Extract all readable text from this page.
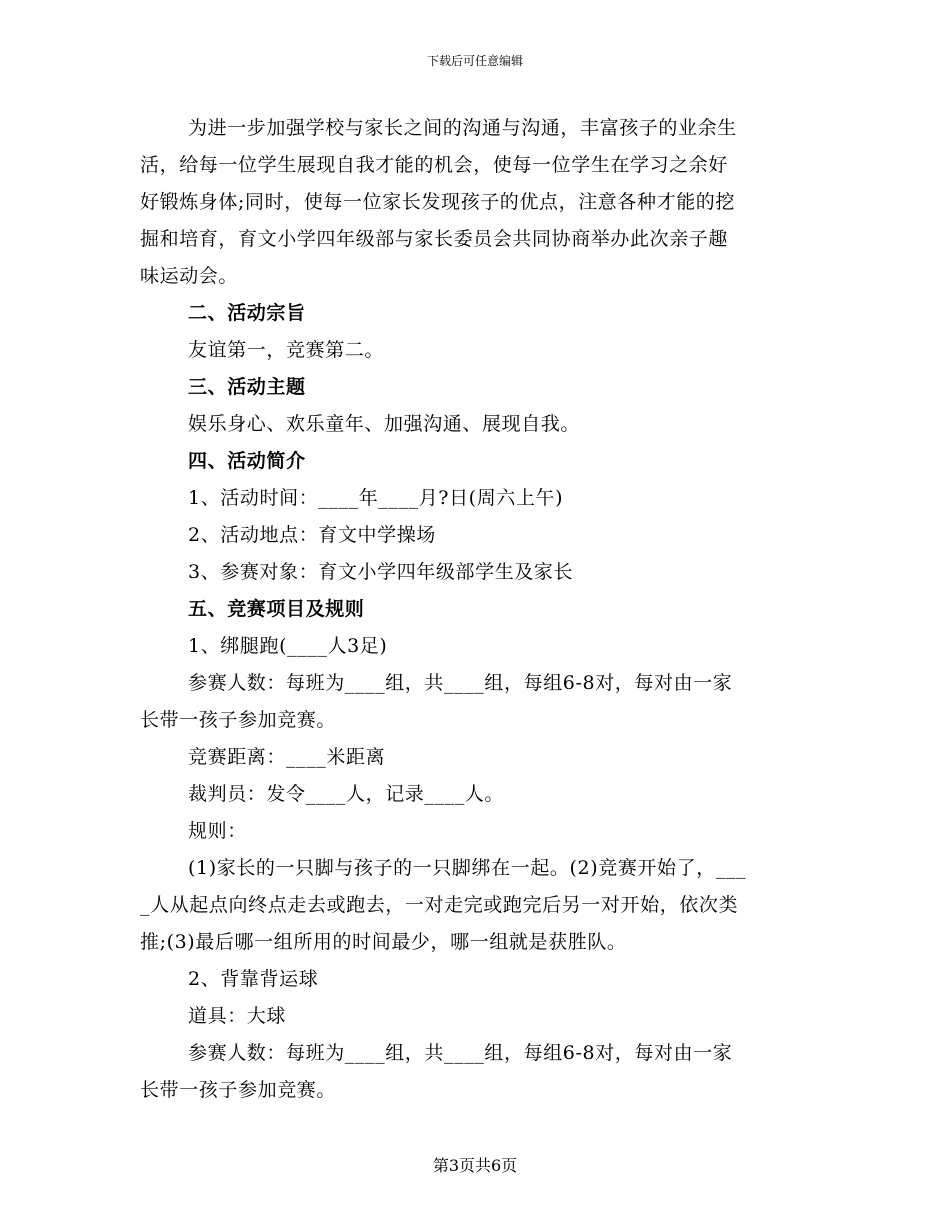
下载后可任意编辑

为进一步加强学校与家长之间的沟通与沟通，丰富孩子的业余生

活，给每一位学生展现自我才能的机会，使每一位学生在学习之余好

好锻炼身体;同时，使每一位家长发现孩子的优点，注意各种才能的挖

掘和培育，育文小学四年级部与家长委员会共同协商举办此次亲子趣

味运动会。

二、活动宗旨

友谊第一，竞赛第二。

三、活动主题

娱乐身心、欢乐童年、加强沟通、展现自我。

四、活动简介

1、活动时间：____年____月?日(周六上午)

2、活动地点：育文中学操场

3、参赛对象：育文小学四年级部学生及家长

五、竞赛项目及规则

1、绑腿跑(____人3足)

参赛人数：每班为____组，共____组，每组6-8对，每对由一家

长带一孩子参加竞赛。

竞赛距离：____米距离

裁判员：发令____人，记录____人。

规则：

(1)家长的一只脚与孩子的一只脚绑在一起。(2)竞赛开始了，___

_人从起点向终点走去或跑去，一对走完或跑完后另一对开始，依次类

推;(3)最后哪一组所用的时间最少，哪一组就是获胜队。

2、背靠背运球

道具：大球

参赛人数：每班为____组，共____组，每组6-8对，每对由一家

长带一孩子参加竞赛。

第3页共6页
